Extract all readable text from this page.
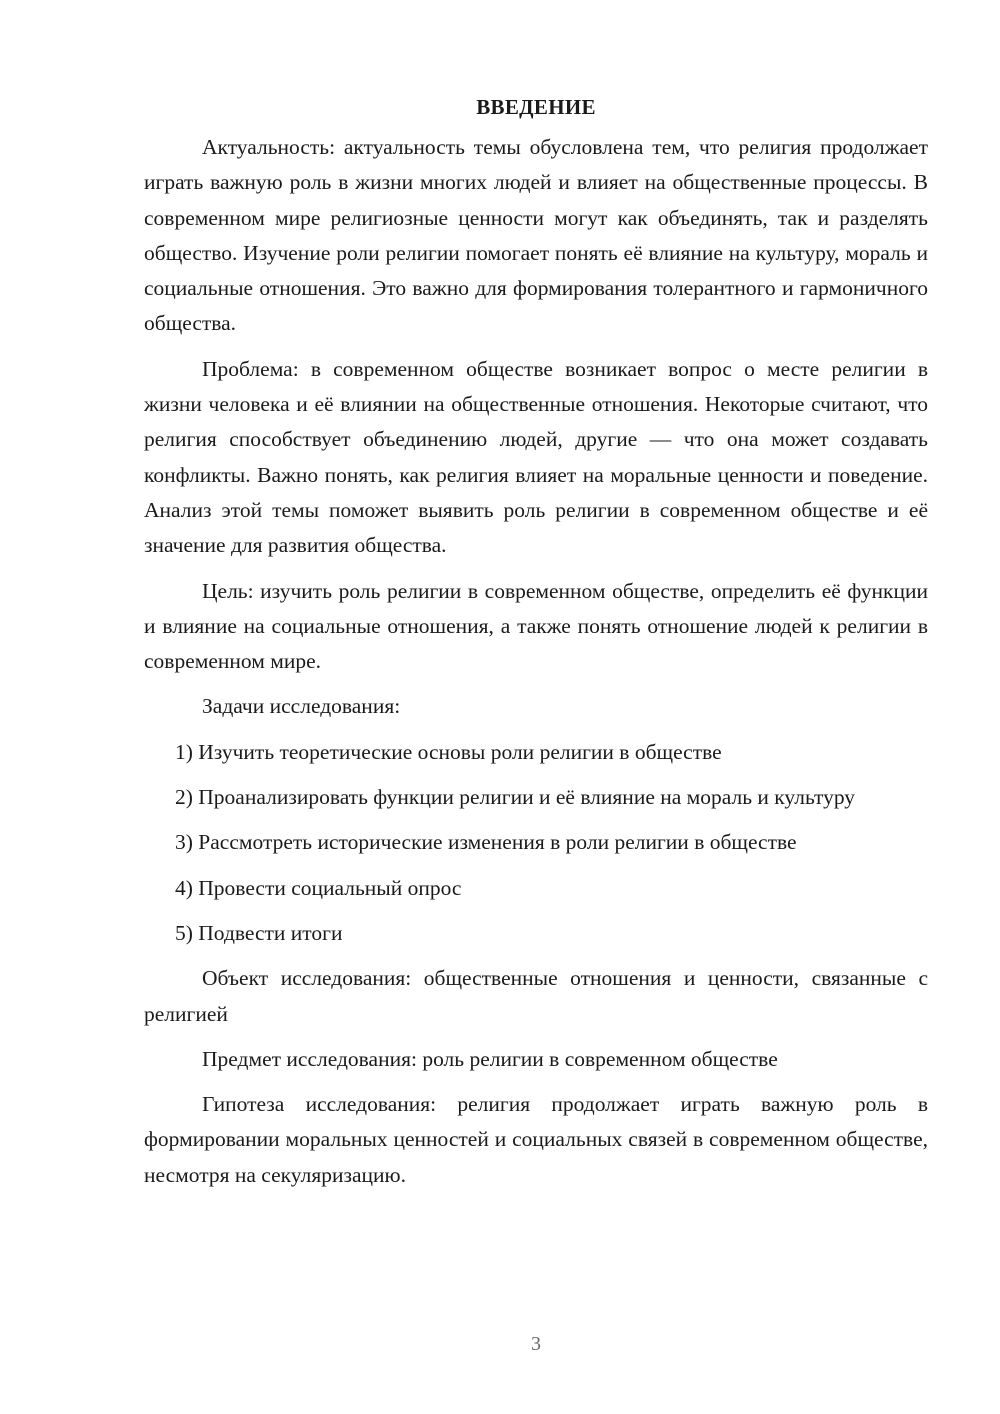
ВВЕДЕНИЕ

Актуальность: актуальность темы обусловлена тем, что религия продолжает играть важную роль в жизни многих людей и влияет на общественные процессы. В современном мире религиозные ценности могут как объединять, так и разделять общество. Изучение роли религии помогает понять её влияние на культуру, мораль и социальные отношения. Это важно для формирования толерантного и гармоничного общества.

Проблема: в современном обществе возникает вопрос о месте религии в жизни человека и её влиянии на общественные отношения. Некоторые считают, что религия способствует объединению людей, другие — что она может создавать конфликты. Важно понять, как религия влияет на моральные ценности и поведение. Анализ этой темы поможет выявить роль религии в современном обществе и её значение для развития общества.

Цель: изучить роль религии в современном обществе, определить её функции и влияние на социальные отношения, а также понять отношение людей к религии в современном мире.

Задачи исследования:

1) Изучить теоретические основы роли религии в обществе

2) Проанализировать функции религии и её влияние на мораль и культуру

3) Рассмотреть исторические изменения в роли религии в обществе

4) Провести социальный опрос

5) Подвести итоги

Объект исследования: общественные отношения и ценности, связанные с религией

Предмет исследования: роль религии в современном обществе

Гипотеза исследования: религия продолжает играть важную роль в формировании моральных ценностей и социальных связей в современном обществе, несмотря на секуляризацию.

3
